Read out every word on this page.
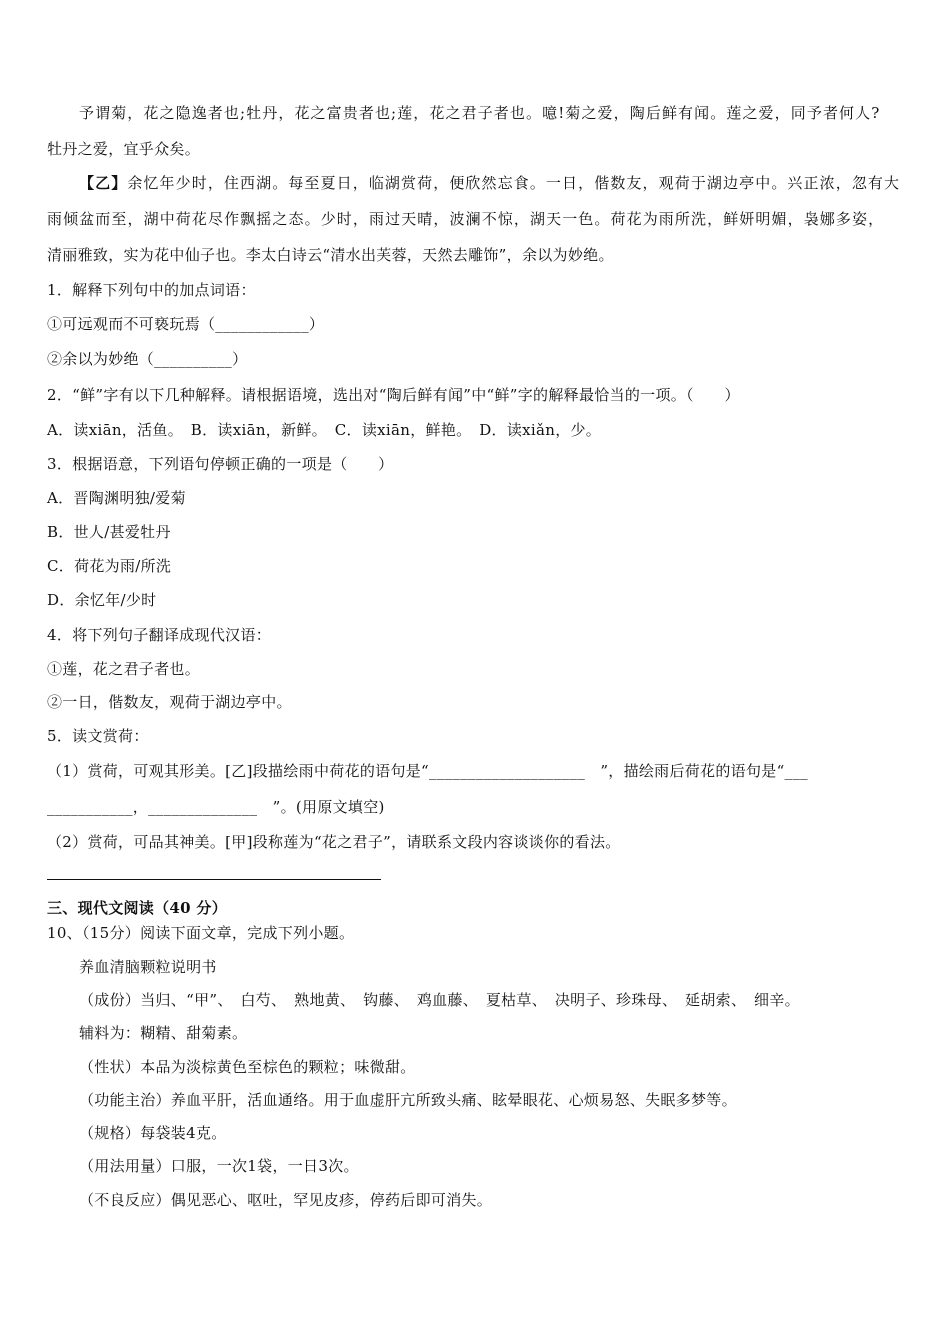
予谓菊，花之隐逸者也;牡丹，花之富贵者也;莲，花之君子者也。噫!菊之爱，陶后鲜有闻。莲之爱，同予者何人?
牡丹之爱，宜乎众矣。
【乙】余忆年少时，住西湖。每至夏日，临湖赏荷，便欣然忘食。一日，偕数友，观荷于湖边亭中。兴正浓，忽有大
雨倾盆而至，湖中荷花尽作飘摇之态。少时，雨过天晴，波澜不惊，湖天一色。荷花为雨所洗，鲜妍明媚，袅娜多姿，
清丽雅致，实为花中仙子也。李太白诗云“清水出芙蓉，天然去雕饰”，余以为妙绝。
1．解释下列句中的加点词语：
①可远观而不可亵玩焉（____________）
②余以为妙绝（__________）
2．“鲜”字有以下几种解释。请根据语境，选出对“陶后鲜有闻”中“鲜”字的解释最恰当的一项。（　　）
A．读xiān，活鱼。　B．读xiān，新鲜。　C．读xiān，鲜艳。　D．读xiǎn，少。
3．根据语意，下列语句停顿正确的一项是（　　）
A．晋陶渊明独/爱菊
B．世人/甚爱牡丹
C．荷花为雨/所洗
D．余忆年/少时
4．将下列句子翻译成现代汉语：
①莲，花之君子者也。
②一日，偕数友，观荷于湖边亭中。
5．读文赏荷：
（1）赏荷，可观其形美。[乙]段描绘雨中荷花的语句是“____________________　”，描绘雨后荷花的语句是“___
___________，______________　”。(用原文填空)
（2）赏荷，可品其神美。[甲]段称莲为“花之君子”，请联系文段内容谈谈你的看法。
三、现代文阅读（40 分）
10、（15分）阅读下面文章，完成下列小题。
养血清脑颗粒说明书
（成份）当归、“甲”、　白芍、　熟地黄、　钩藤、　鸡血藤、　夏枯草、　决明子、珍珠母、　延胡索、　细辛。
辅料为：糊精、甜菊素。
（性状）本品为淡棕黄色至棕色的颗粒；味微甜。
（功能主治）养血平肝，活血通络。用于血虚肝亢所致头痛、眩晕眼花、心烦易怒、失眠多梦等。
（规格）每袋装4克。
（用法用量）口服，一次1袋，一日3次。
（不良反应）偶见恶心、呕吐，罕见皮疹，停药后即可消失。
